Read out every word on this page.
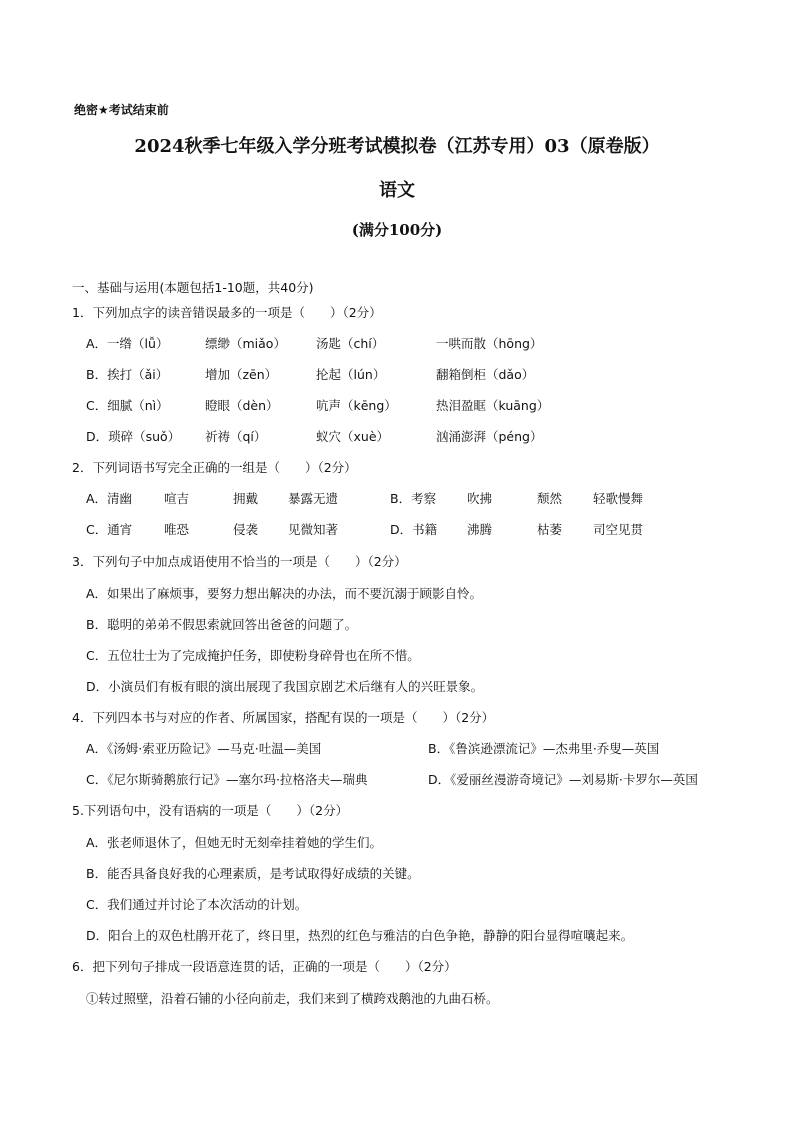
绝密★考试结束前
2024秋季七年级入学分班考试模拟卷（江苏专用）03（原卷版）
语文
(满分100分)
一、基础与运用(本题包括1-10题，共40分)
1．下列加点字的读音错误最多的一项是（　　）（2分）
A．一绺（lǚ）	缥缈（miǎo） 汤匙（chí）	一哄而散（hōng）
B．挨打（ǎi）	增加（zēn）	抡起（lún）	翻箱倒柜（dǎo）
C．细腻（nì）	瞪眼（dèn）	吭声（kēng）	热泪盈眶（kuāng）
D．琐碎（suǒ） 祈祷（qí）	蚁穴（xuè）	汹涌澎湃（péng）
2．下列词语书写完全正确的一组是（　　）（2分）
A．清幽	喧吉	拥戴 暴露无遗	B．考察 吹拂	颓然 轻歌慢舞
C．通宵	唯恐	侵袭 见微知著	D．书籍 沸腾	枯萎 司空见贯
3．下列句子中加点成语使用不恰当的一项是（　　）（2分）
A．如果出了麻烦事，要努力想出解决的办法，而不要沉溺于顾影自怜。
B．聪明的弟弟不假思索就回答出爸爸的问题了。
C．五位壮士为了完成掩护任务，即使粉身碎骨也在所不惜。
D．小演员们有板有眼的演出展现了我国京剧艺术后继有人的兴旺景象。
4．下列四本书与对应的作者、所属国家，搭配有误的一项是（　　）（2分）
A．《汤姆·索亚历险记》—马克·吐温—美国	B．《鲁滨逊漂流记》—杰弗里·乔叟—英国
C．《尼尔斯骑鹅旅行记》—塞尔玛·拉格洛夫—瑞典	D．《爱丽丝漫游奇境记》—刘易斯·卡罗尔—英国
5.下列语句中，没有语病的一项是（　　）（2分）
A．张老师退休了，但她无时无刻牵挂着她的学生们。
B．能否具备良好我的心理素质，是考试取得好成绩的关键。
C．我们通过并讨论了本次活动的计划。
D．阳台上的双色杜鹃开花了，终日里，热烈的红色与雅洁的白色争艳，静静的阳台显得喧嚷起来。
6．把下列句子排成一段语意连贯的话，正确的一项是（　　）（2分）
①转过照壁，沿着石铺的小径向前走，我们来到了横跨戏鹅池的九曲石桥。
